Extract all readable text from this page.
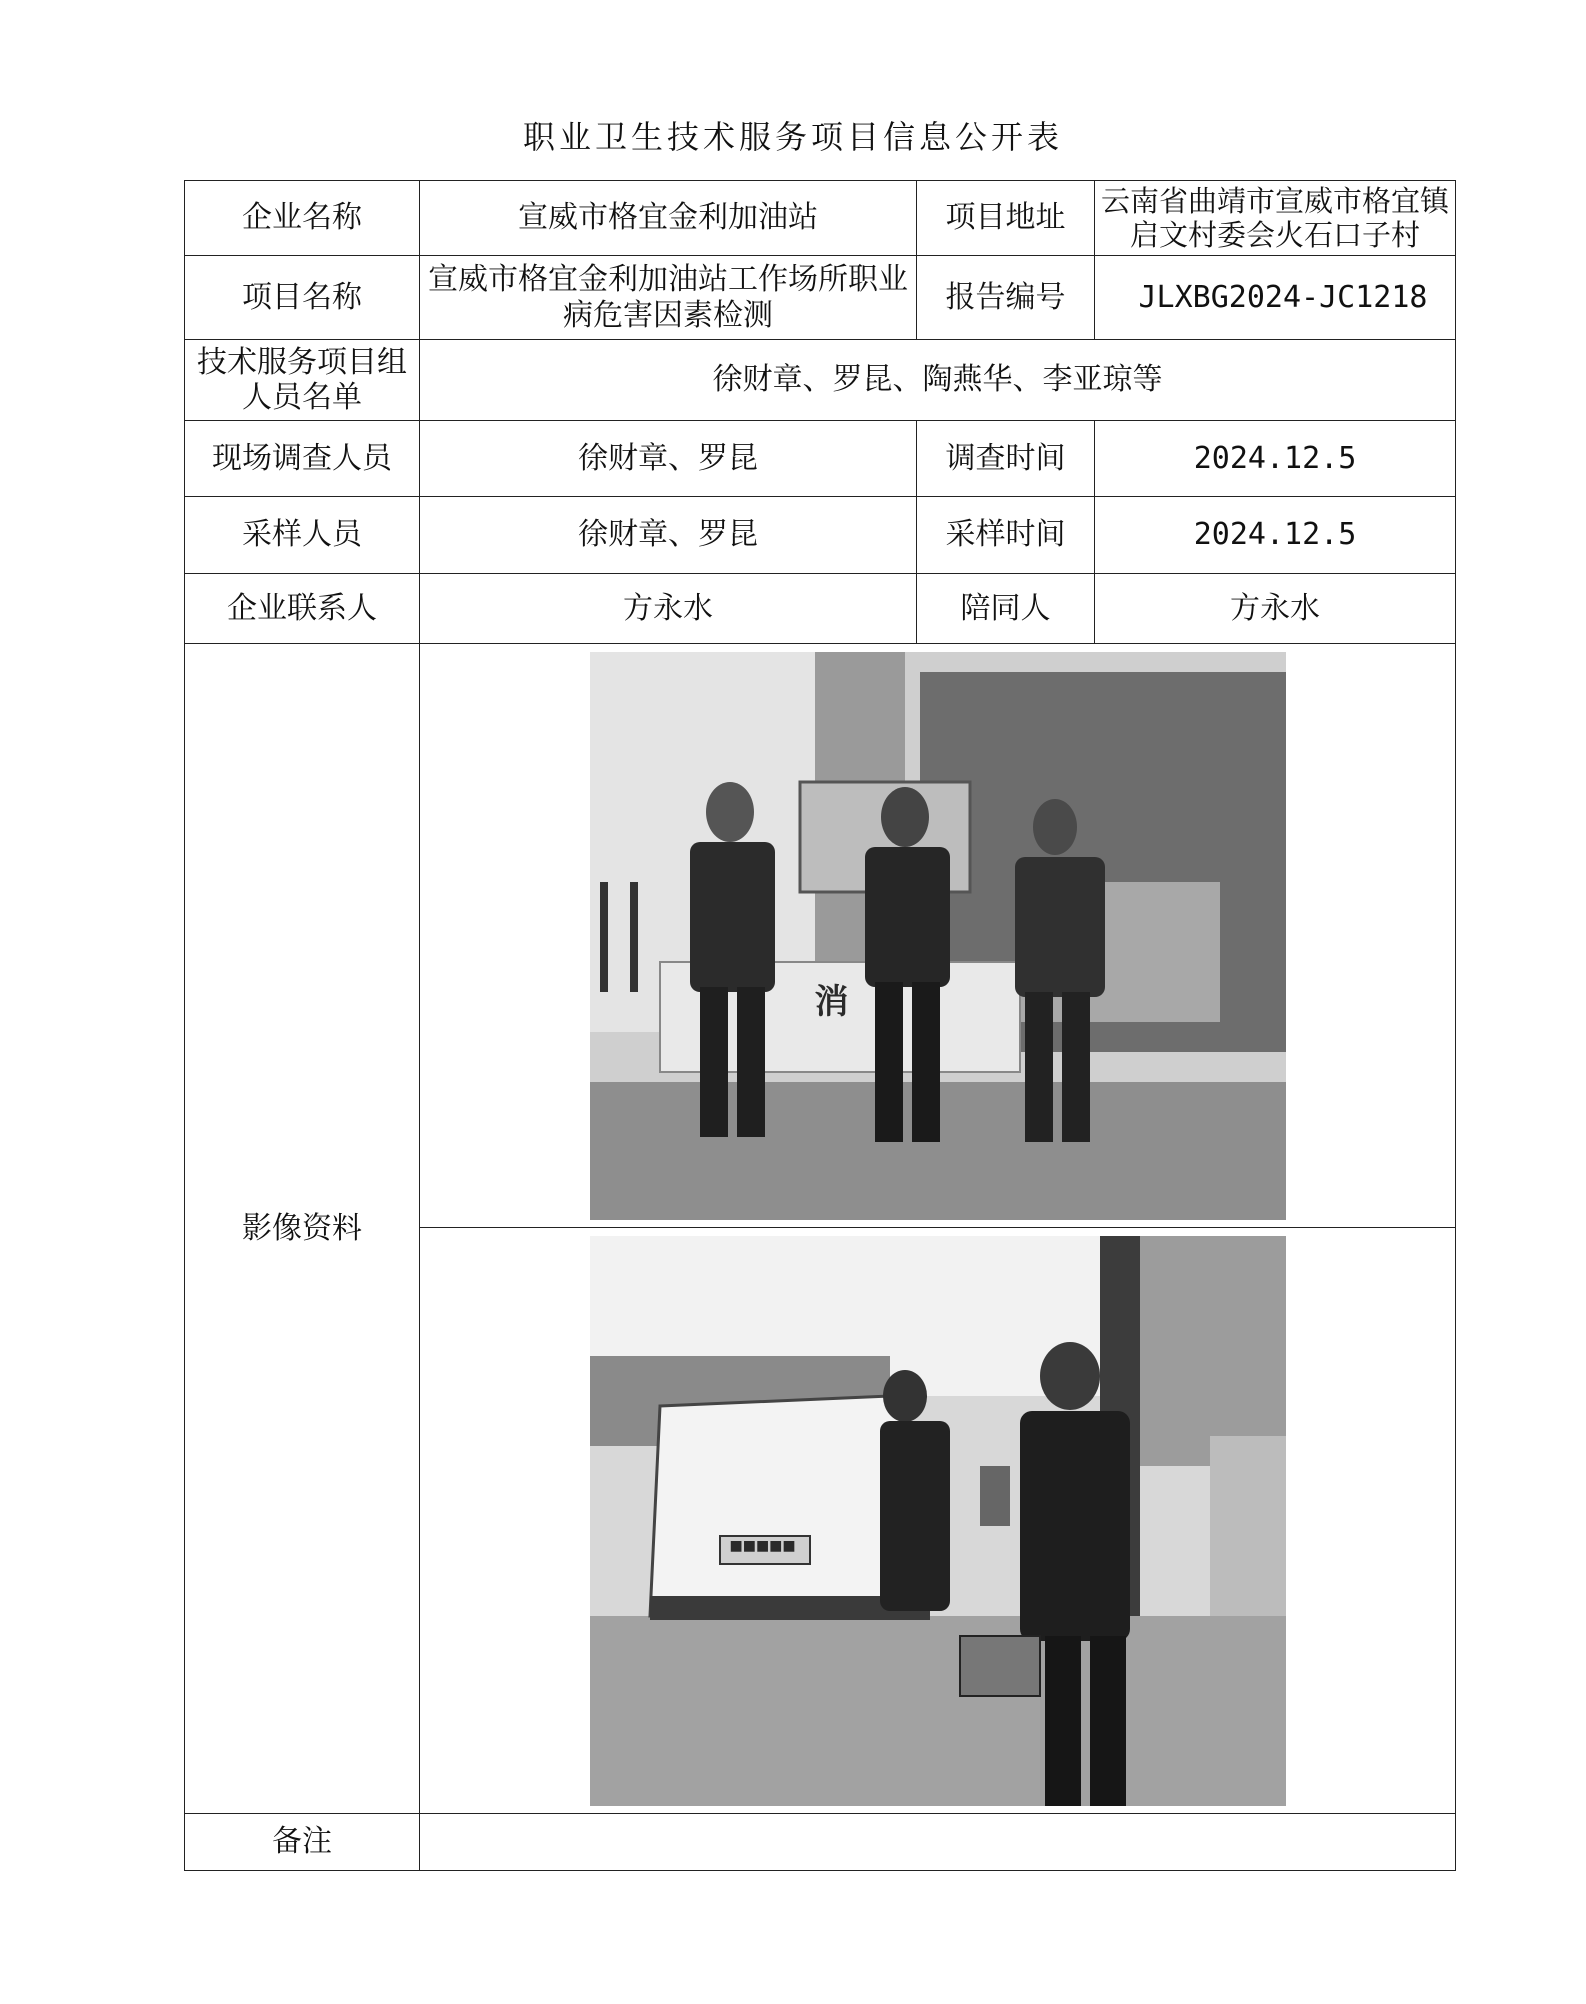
职业卫生技术服务项目信息公开表
企业名称	宣威市格宜金利加油站	项目地址	云南省曲靖市宣威市格宜镇启文村委会火石口子村
项目名称	宣威市格宜金利加油站工作场所职业病危害因素检测	报告编号	JLXBG2024-JC1218
技术服务项目组人员名单	徐财章、罗昆、陶燕华、李亚琼等		
现场调查人员	徐财章、罗昆	调查时间	2024.12.5
采样人员	徐财章、罗昆	采样时间	2024.12.5
企业联系人	方永水	陪同人	方永水
影像资料	消		

	■■■■■		

备注			
